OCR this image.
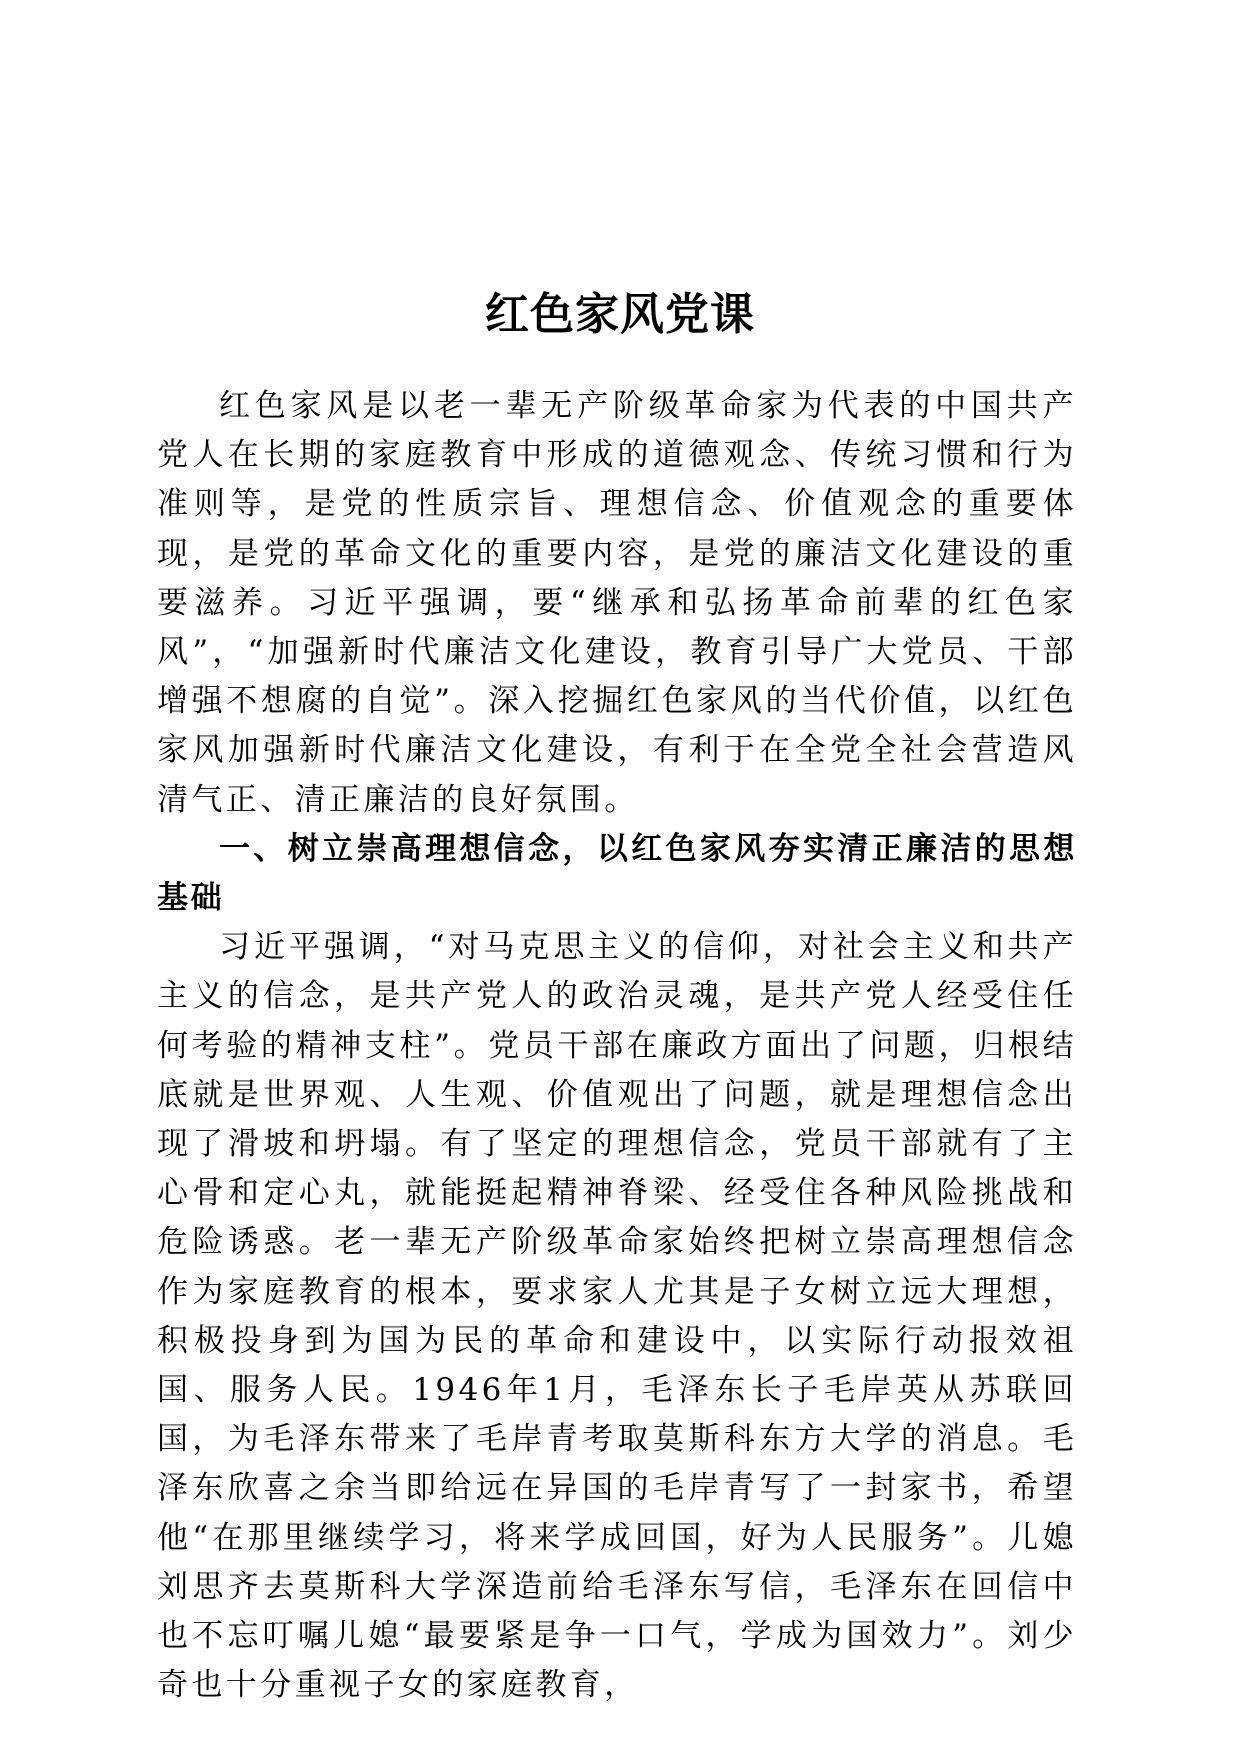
红色家风党课

红色家风是以老一辈无产阶级革命家为代表的中国共产党人在长期的家庭教育中形成的道德观念、传统习惯和行为准则等，是党的性质宗旨、理想信念、价值观念的重要体现，是党的革命文化的重要内容，是党的廉洁文化建设的重要滋养。习近平强调，要“继承和弘扬革命前辈的红色家风”，“加强新时代廉洁文化建设，教育引导广大党员、干部增强不想腐的自觉”。深入挖掘红色家风的当代价值，以红色家风加强新时代廉洁文化建设，有利于在全党全社会营造风清气正、清正廉洁的良好氛围。

一、树立崇高理想信念，以红色家风夯实清正廉洁的思想基础

习近平强调，“对马克思主义的信仰，对社会主义和共产主义的信念，是共产党人的政治灵魂，是共产党人经受住任何考验的精神支柱”。党员干部在廉政方面出了问题，归根结底就是世界观、人生观、价值观出了问题，就是理想信念出现了滑坡和坍塌。有了坚定的理想信念，党员干部就有了主心骨和定心丸，就能挺起精神脊梁、经受住各种风险挑战和危险诱惑。老一辈无产阶级革命家始终把树立崇高理想信念作为家庭教育的根本，要求家人尤其是子女树立远大理想，积极投身到为国为民的革命和建设中，以实际行动报效祖国、服务人民。1946年1月，毛泽东长子毛岸英从苏联回国，为毛泽东带来了毛岸青考取莫斯科东方大学的消息。毛泽东欣喜之余当即给远在异国的毛岸青写了一封家书，希望他“在那里继续学习，将来学成回国，好为人民服务”。儿媳刘思齐去莫斯科大学深造前给毛泽东写信，毛泽东在回信中也不忘叮嘱儿媳“最要紧是争一口气，学成为国效力”。刘少奇也十分重视子女的家庭教育，
